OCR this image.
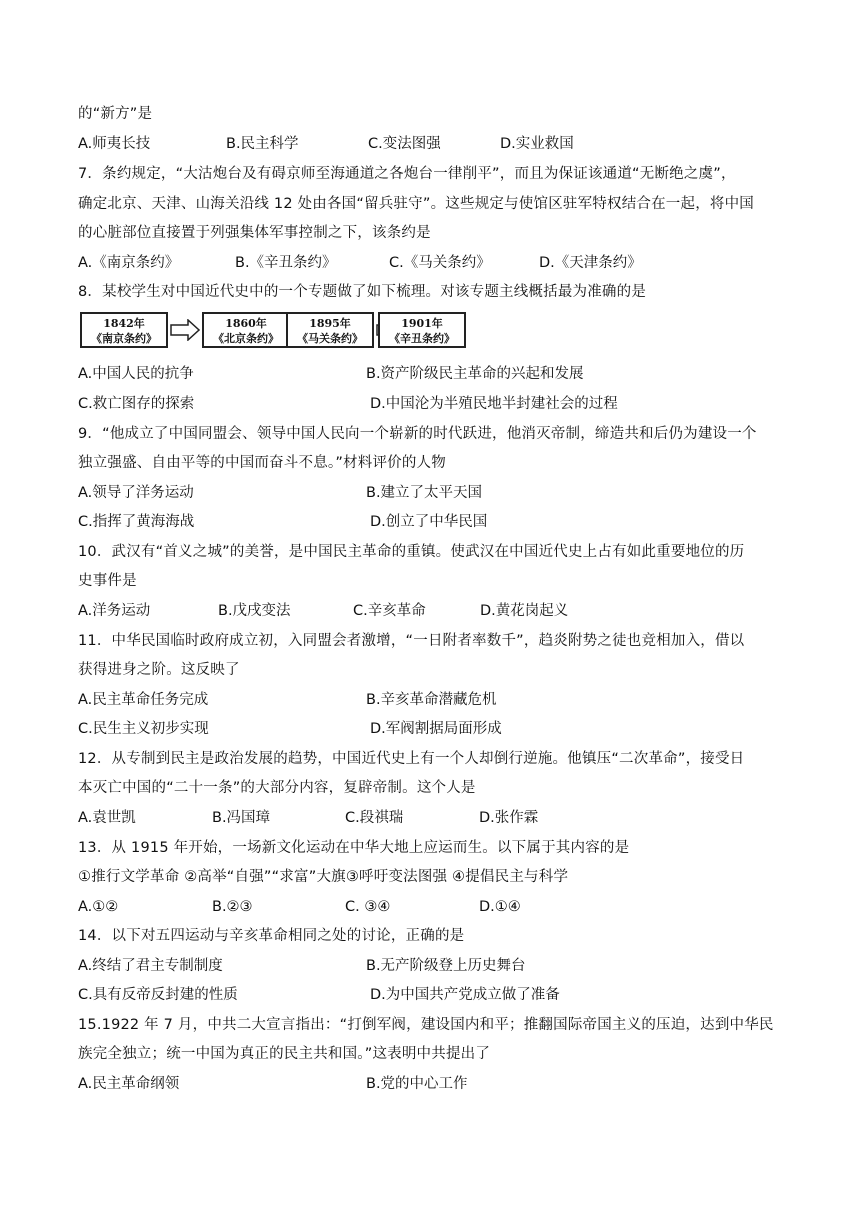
的“新方”是
A.师夷长技	B.民主科学	C.变法图强	D.实业救国
7．条约规定，“大沽炮台及有碍京师至海通道之各炮台一律削平”，而且为保证该通道“无断绝之虞”，
确定北京、天津、山海关沿线 12 处由各国“留兵驻守”。这些规定与使馆区驻军特权结合在一起，将中国
的心脏部位直接置于列强集体军事控制之下，该条约是
A.《南京条约》	B.《辛丑条约》	C.《马关条约》	D.《天津条约》
8．某校学生对中国近代史中的一个专题做了如下梳理。对该专题主线概括最为准确的是
1842年
《南京条约》
1860年
《北京条约》
1895年
《马关条约》
1901年
《辛丑条约》
A.中国人民的抗争	B.资产阶级民主革命的兴起和发展
C.救亡图存的探索	D.中国沦为半殖民地半封建社会的过程
9．“他成立了中国同盟会、领导中国人民向一个崭新的时代跃进，他消灭帝制，缔造共和后仍为建设一个
独立强盛、自由平等的中国而奋斗不息。”材料评价的人物
A.领导了洋务运动	B.建立了太平天国
C.指挥了黄海海战	D.创立了中华民国
10．武汉有“首义之城”的美誉，是中国民主革命的重镇。使武汉在中国近代史上占有如此重要地位的历
史事件是
A.洋务运动	B.戊戌变法	C.辛亥革命	D.黄花岗起义
11．中华民国临时政府成立初，入同盟会者激增，“一日附者率数千”，趋炎附势之徒也竞相加入，借以
获得进身之阶。这反映了
A.民主革命任务完成	B.辛亥革命潜藏危机
C.民生主义初步实现	D.军阀割据局面形成
12．从专制到民主是政治发展的趋势，中国近代史上有一个人却倒行逆施。他镇压“二次革命”，接受日
本灭亡中国的“二十一条”的大部分内容，复辟帝制。这个人是
A.袁世凯	B.冯国璋	C.段祺瑞	D.张作霖
13．从 1915 年开始，一场新文化运动在中华大地上应运而生。以下属于其内容的是
①推行文学革命 ②高举“自强”“求富”大旗③呼吁变法图强 ④提倡民主与科学
A.①②	B.②③	C. ③④	D.①④
14．以下对五四运动与辛亥革命相同之处的讨论，正确的是
A.终结了君主专制制度	B.无产阶级登上历史舞台
C.具有反帝反封建的性质	D.为中国共产党成立做了准备
15.1922 年 7 月，中共二大宣言指出：“打倒军阀，建设国内和平；推翻国际帝国主义的压迫，达到中华民
族完全独立；统一中国为真正的民主共和国。”这表明中共提出了
A.民主革命纲领	B.党的中心工作
